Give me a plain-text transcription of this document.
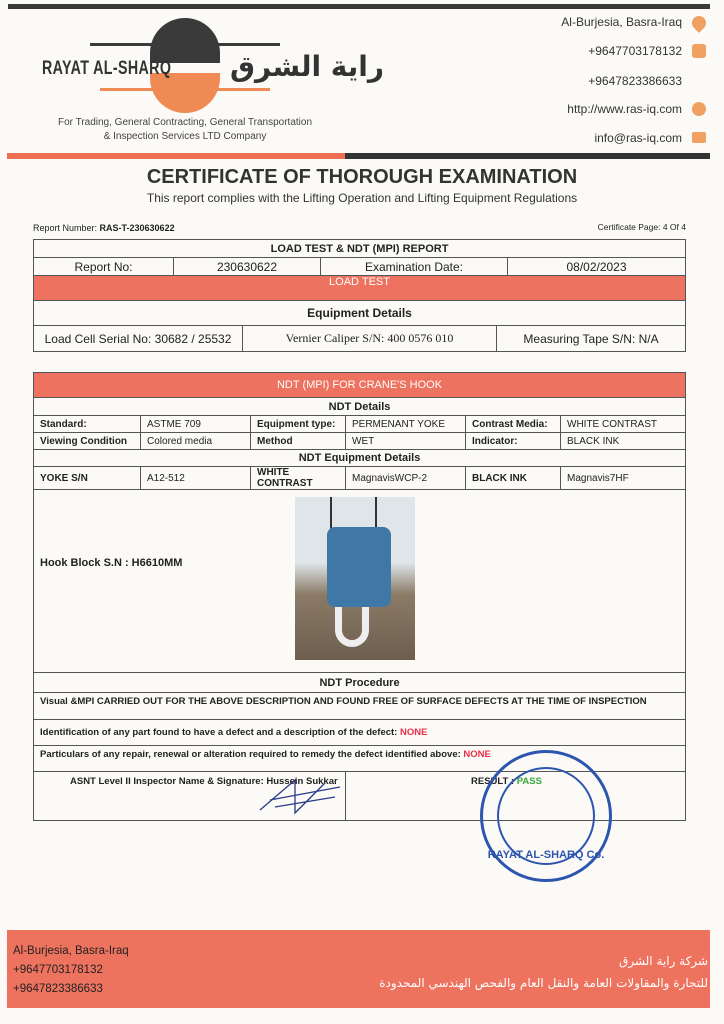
RAYAT AL-SHARQ راية الشرق
For Trading, General Contracting, General Transportation
& Inspection Services LTD Company
Al-Burjesia, Basra-Iraq
+9647703178132
+9647823386633
http://www.ras-iq.com
info@ras-iq.com
CERTIFICATE OF THOROUGH EXAMINATION
This report complies with the Lifting Operation and Lifting Equipment Regulations
Report Number: RAS-T-230630622	Certificate Page: 4 Of 4
LOAD TEST & NDT (MPI) REPORT
Report No:	230630622	Examination Date:	08/02/2023
LOAD TEST
Equipment Details
Load Cell Serial No: 30682 / 25532	Vernier Caliper S/N: 400 0576 010	Measuring Tape S/N: N/A
NDT (MPI) FOR CRANE'S HOOK					
NDT Details					
Standard:	ASTME 709	Equipment type:	PERMENANT YOKE	Contrast Media:	WHITE CONTRAST
Viewing Condition	Colored media	Method	WET	Indicator:	BLACK INK
NDT Equipment Details					
YOKE S/N	A12-512	WHITE CONTRAST	MagnavisWCP-2	BLACK INK	Magnavis7HF
Hook Block S.N : H6610MM					
NDT Procedure					
Visual &MPI CARRIED OUT FOR THE ABOVE DESCRIPTION AND FOUND FREE OF SURFACE DEFECTS AT THE TIME OF INSPECTION					
Identification of any part found to have a defect and a description of the defect: NONE					
Particulars of any repair, renewal or alteration required to remedy the defect identified above: NONE					
ASNT Level II Inspector Name & Signature: Hussein Sukkar			RESULT : PASS		
RAYAT AL-SHARQ Co.
Al-Burjesia, Basra-Iraq
+9647703178132
+9647823386633
شركة راية الشرق
للتجارة والمقاولات العامة والنقل العام والفحص الهندسي المحدودة
